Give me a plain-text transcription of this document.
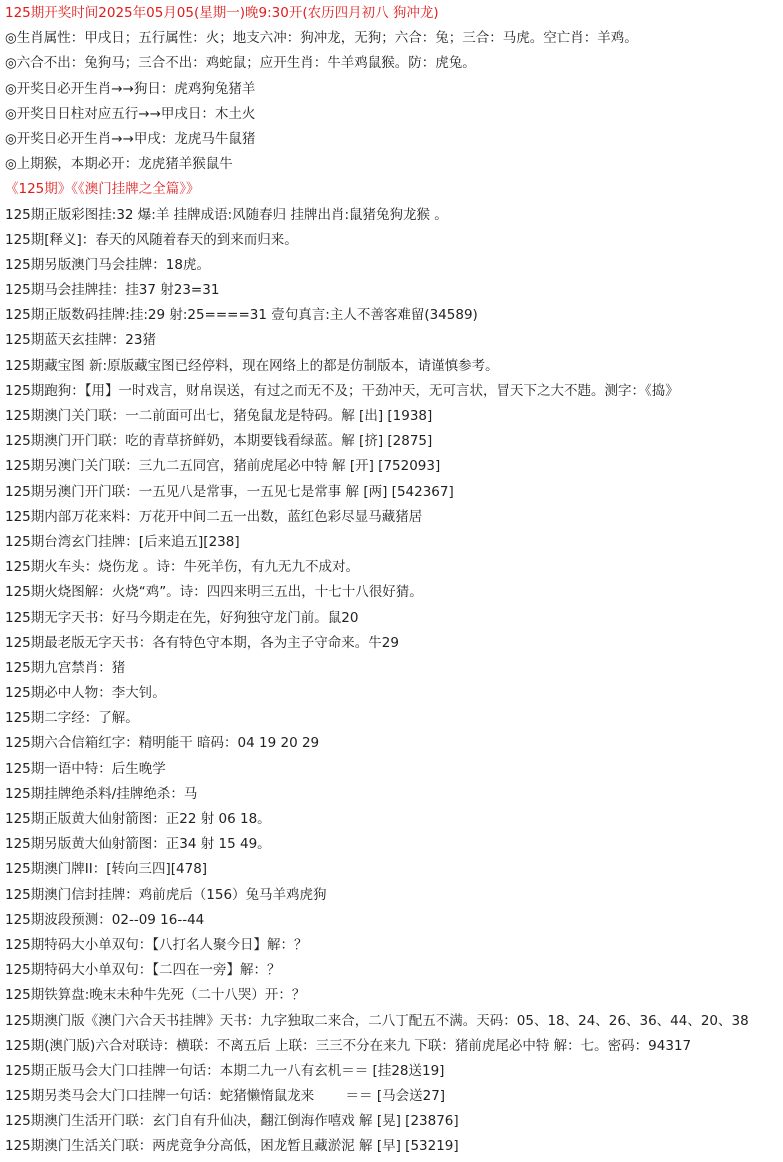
125期开奖时间2025年05月05(星期一)晚9:30开(农历四月初八 狗冲龙)
◎生肖属性：甲戌日；五行属性：火；地支六冲：狗冲龙，无狗；六合：兔；三合：马虎。空亡肖：羊鸡。
◎六合不出：兔狗马；三合不出：鸡蛇鼠；应开生肖：牛羊鸡鼠猴。防：虎兔。
◎开奖日必开生肖→→狗日：虎鸡狗兔猪羊
◎开奖日日柱对应五行→→甲戌日：木土火
◎开奖日必开生肖→→甲戌：龙虎马牛鼠猪
◎上期猴，本期必开：龙虎猪羊猴鼠牛
《125期》《《澳门挂牌之全篇》》
125期正版彩图挂:32 爆:羊 挂牌成语:风随春归 挂牌出肖:鼠猪兔狗龙猴 。
125期[释义]：春天的风随着春天的到来而归来。
125期另版澳门马会挂牌：18虎。
125期马会挂牌挂：挂37 射23=31
125期正版数码挂牌:挂:29 射:25====31 壹句真言:主人不善客难留(34589)
125期蓝天玄挂牌：23猪
125期藏宝图 新:原版藏宝图已经停料，现在网络上的都是仿制版本，请谨慎参考。
125期跑狗：【用】一时戏言，财帛误送，有过之而无不及；干劲冲天，无可言状，冒天下之大不韪。测字：《捣》
125期澳门关门联：一二前面可出七，猪兔鼠龙是特码。解 [出] [1938]
125期澳门开门联：吃的青草挤鲜奶，本期要钱看绿蓝。解 [挤] [2875]
125期另澳门关门联：三九二五同宫，猪前虎尾必中特 解 [开] [752093]
125期另澳门开门联：一五见八是常事，一五见七是常事 解 [两] [542367]
125期内部万花来料：万花开中间二五一出数，蓝红色彩尽显马藏猪居
125期台湾玄门挂牌：[后来追五][238]
125期火车头：烧伤龙 。诗：牛死羊伤，有九无九不成对。
125期火烧图解：火烧“鸡”。诗：四四来明三五出，十七十八很好猜。
125期无字天书：好马今期走在先，好狗独守龙门前。鼠20
125期最老版无字天书：各有特色守本期，各为主子守命来。牛29
125期九宫禁肖：猪
125期必中人物：李大钊。
125期二字经：了解。
125期六合信箱红字：精明能干 暗码：04 19 20 29
125期一语中特：后生晚学
125期挂牌绝杀料/挂牌绝杀：马
125期正版黄大仙射箭图：正22 射 06 18。
125期另版黄大仙射箭图：正34 射 15 49。
125期澳门牌II：[转向三四][478]
125期澳门信封挂牌：鸡前虎后（156）兔马羊鸡虎狗
125期波段预测：02--09 16--44
125期特码大小单双句：【八打名人聚今日】解：？
125期特码大小单双句：【二四在一旁】解：？
125期铁算盘:晚末未种牛先死（二十八哭）开：？
125期澳门版《澳门六合天书挂牌》天书：九字独取二来合，二八丁配五不满。天码：05、18、24、26、36、44、20、38
125期(澳门版)六合对联诗：横联：不离五后 上联：三三不分在来九 下联：猪前虎尾必中特 解：七。密码：94317
125期正版马会大门口挂牌一句话：本期二九一八有玄机＝＝ [挂28送19]
125期另类马会大门口挂牌一句话：蛇猪懒惰鼠龙来 　　＝＝ [马会送27]
125期澳门生活开门联：玄门自有升仙决，翻江倒海作嘻戏 解 [晃] [23876]
125期澳门生活关门联：两虎竟争分高低，困龙暂且藏淤泥 解 [早] [53219]
